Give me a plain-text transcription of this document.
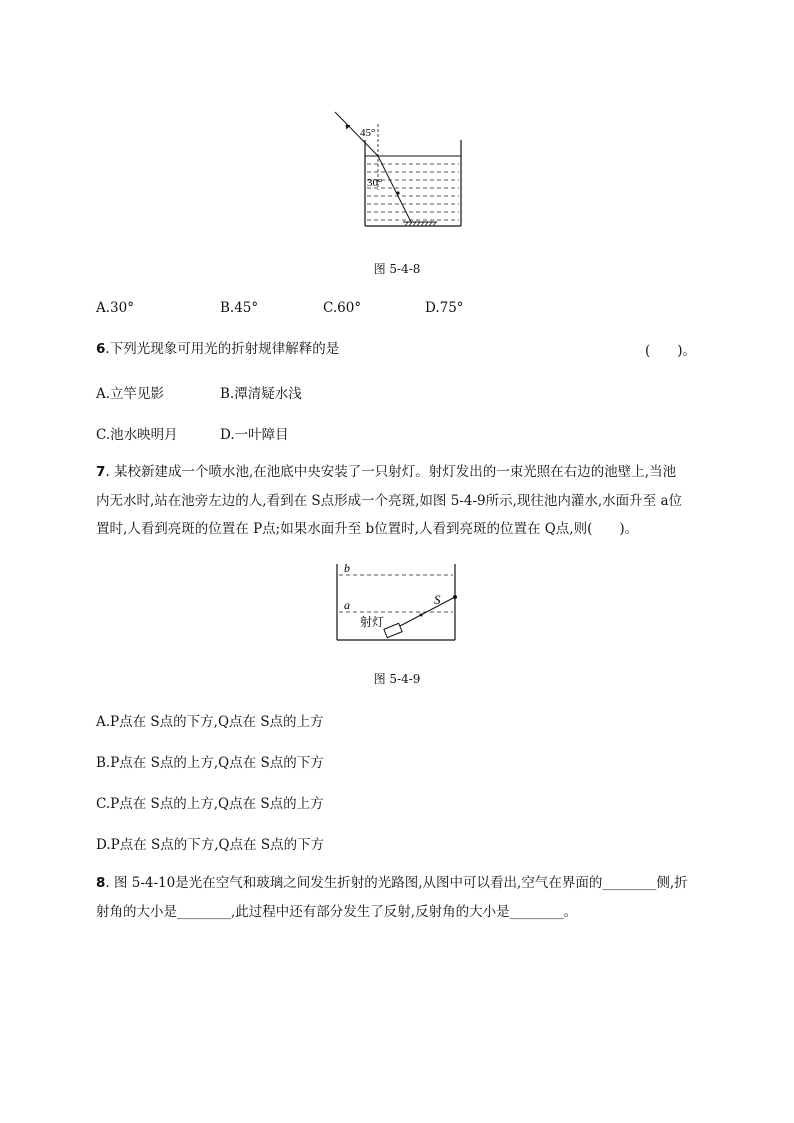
45°
30°
图 5-4-8
A.30°	B.45°	C.60°	D.75°
6.下列光现象可用光的折射规律解释的是	(　　)。
A.立竿见影	B.潭清疑水浅
C.池水映明月	D.一叶障目
7. 某校新建成一个喷水池,在池底中央安装了一只射灯。射灯发出的一束光照在右边的池壁上,当池
内无水时,站在池旁左边的人,看到在 S点形成一个亮斑,如图 5-4-9所示,现往池内灌水,水面升至 a位
置时,人看到亮斑的位置在 P点;如果水面升至 b位置时,人看到亮斑的位置在 Q点,则(　　)。
b
a	S
射灯
图 5-4-9
A.P点在 S点的下方,Q点在 S点的上方
B.P点在 S点的上方,Q点在 S点的下方
C.P点在 S点的上方,Q点在 S点的上方
D.P点在 S点的下方,Q点在 S点的下方
8. 图 5-4-10是光在空气和玻璃之间发生折射的光路图,从图中可以看出,空气在界面的________侧,折
射角的大小是________,此过程中还有部分发生了反射,反射角的大小是________。
